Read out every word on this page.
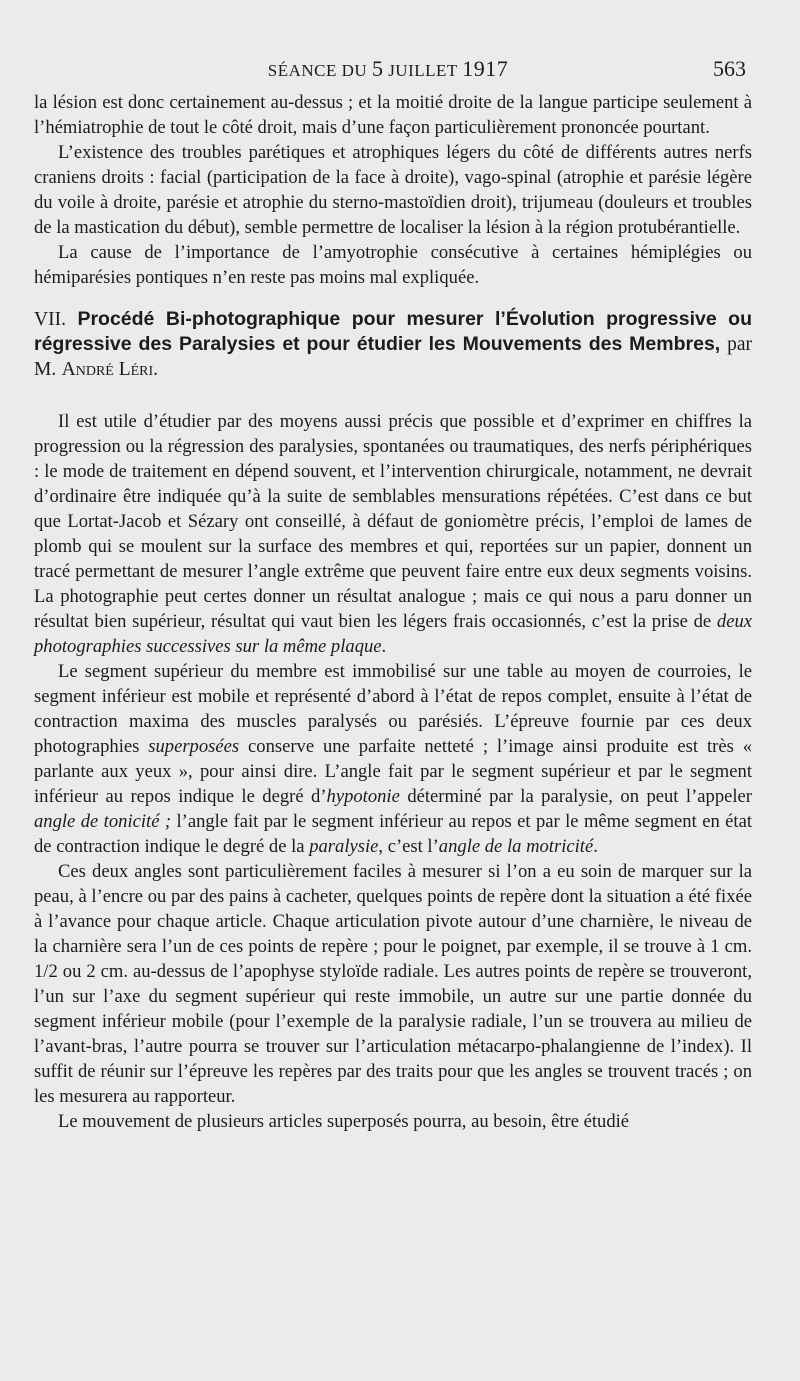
SÉANCE DU 5 JUILLET 1917	563

la lésion est donc certainement au-dessus ; et la moitié droite de la langue participe seulement à l’hémiatrophie de tout le côté droit, mais d’une façon particulièrement prononcée pourtant.

L’existence des troubles parétiques et atrophiques légers du côté de différents autres nerfs craniens droits : facial (participation de la face à droite), vago-spinal (atrophie et parésie légère du voile à droite, parésie et atrophie du sterno-mastoïdien droit), trijumeau (douleurs et troubles de la mastication du début), semble permettre de localiser la lésion à la région protubérantielle.

La cause de l’importance de l’amyotrophie consécutive à certaines hémiplégies ou hémiparésies pontiques n’en reste pas moins mal expliquée.

VII. Procédé Bi-photographique pour mesurer l’Évolution progressive ou régressive des Paralysies et pour étudier les Mouvements des Membres, par M. André Léri.

Il est utile d’étudier par des moyens aussi précis que possible et d’exprimer en chiffres la progression ou la régression des paralysies, spontanées ou traumatiques, des nerfs périphériques : le mode de traitement en dépend souvent, et l’intervention chirurgicale, notamment, ne devrait d’ordinaire être indiquée qu’à la suite de semblables mensurations répétées. C’est dans ce but que Lortat-Jacob et Sézary ont conseillé, à défaut de goniomètre précis, l’emploi de lames de plomb qui se moulent sur la surface des membres et qui, reportées sur un papier, donnent un tracé permettant de mesurer l’angle extrême que peuvent faire entre eux deux segments voisins. La photographie peut certes donner un résultat analogue ; mais ce qui nous a paru donner un résultat bien supérieur, résultat qui vaut bien les légers frais occasionnés, c’est la prise de deux photographies successives sur la même plaque.

Le segment supérieur du membre est immobilisé sur une table au moyen de courroies, le segment inférieur est mobile et représenté d’abord à l’état de repos complet, ensuite à l’état de contraction maxima des muscles paralysés ou parésiés. L’épreuve fournie par ces deux photographies superposées conserve une parfaite netteté ; l’image ainsi produite est très « parlante aux yeux », pour ainsi dire. L’angle fait par le segment supérieur et par le segment inférieur au repos indique le degré d’hypotonie déterminé par la paralysie, on peut l’appeler angle de tonicité ; l’angle fait par le segment inférieur au repos et par le même segment en état de contraction indique le degré de la paralysie, c’est l’angle de la motricité.

Ces deux angles sont particulièrement faciles à mesurer si l’on a eu soin de marquer sur la peau, à l’encre ou par des pains à cacheter, quelques points de repère dont la situation a été fixée à l’avance pour chaque article. Chaque articulation pivote autour d’une charnière, le niveau de la charnière sera l’un de ces points de repère ; pour le poignet, par exemple, il se trouve à 1 cm. 1/2 ou 2 cm. au-dessus de l’apophyse styloïde radiale. Les autres points de repère se trouveront, l’un sur l’axe du segment supérieur qui reste immobile, un autre sur une partie donnée du segment inférieur mobile (pour l’exemple de la paralysie radiale, l’un se trouvera au milieu de l’avant-bras, l’autre pourra se trouver sur l’articulation métacarpo-phalangienne de l’index). Il suffit de réunir sur l’épreuve les repères par des traits pour que les angles se trouvent tracés ; on les mesurera au rapporteur.

Le mouvement de plusieurs articles superposés pourra, au besoin, être étudié
